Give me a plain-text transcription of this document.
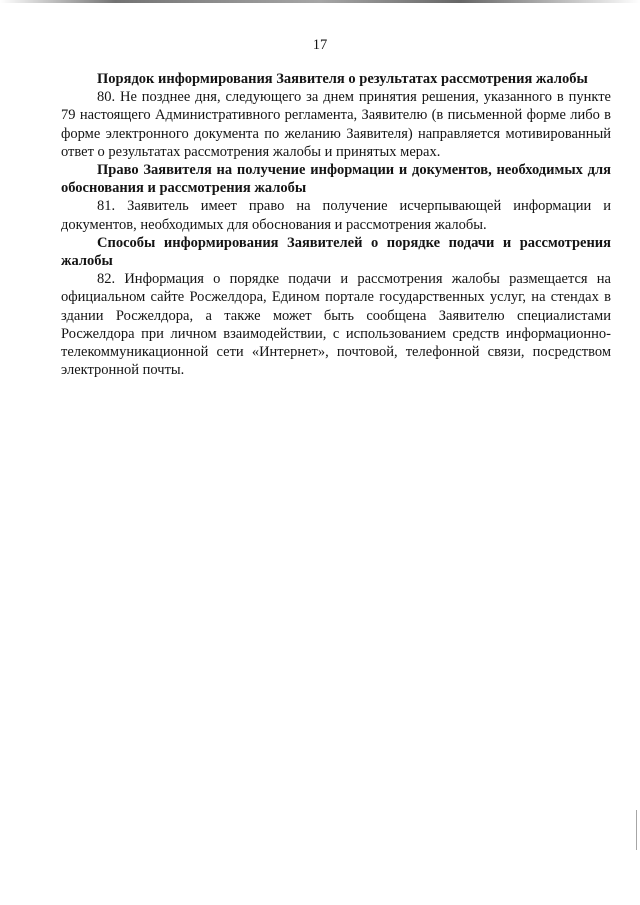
17

Порядок информирования Заявителя о результатах рассмотрения жалобы

80. Не позднее дня, следующего за днем принятия решения, указанного в пункте 79 настоящего Административного регламента, Заявителю (в письменной форме либо в форме электронного документа по желанию Заявителя) направляется мотивированный ответ о результатах рассмотрения жалобы и принятых мерах.

Право Заявителя на получение информации и документов, необходимых для обоснования и рассмотрения жалобы

81. Заявитель имеет право на получение исчерпывающей информации и документов, необходимых для обоснования и рассмотрения жалобы.

Способы информирования Заявителей о порядке подачи и рассмотрения жалобы

82. Информация о порядке подачи и рассмотрения жалобы размещается на официальном сайте Росжелдора, Едином портале государственных услуг, на стендах в здании Росжелдора, а также может быть сообщена Заявителю специалистами Росжелдора при личном взаимодействии, с использованием средств информационно-телекоммуникационной сети «Интернет», почтовой, телефонной связи, посредством электронной почты.
